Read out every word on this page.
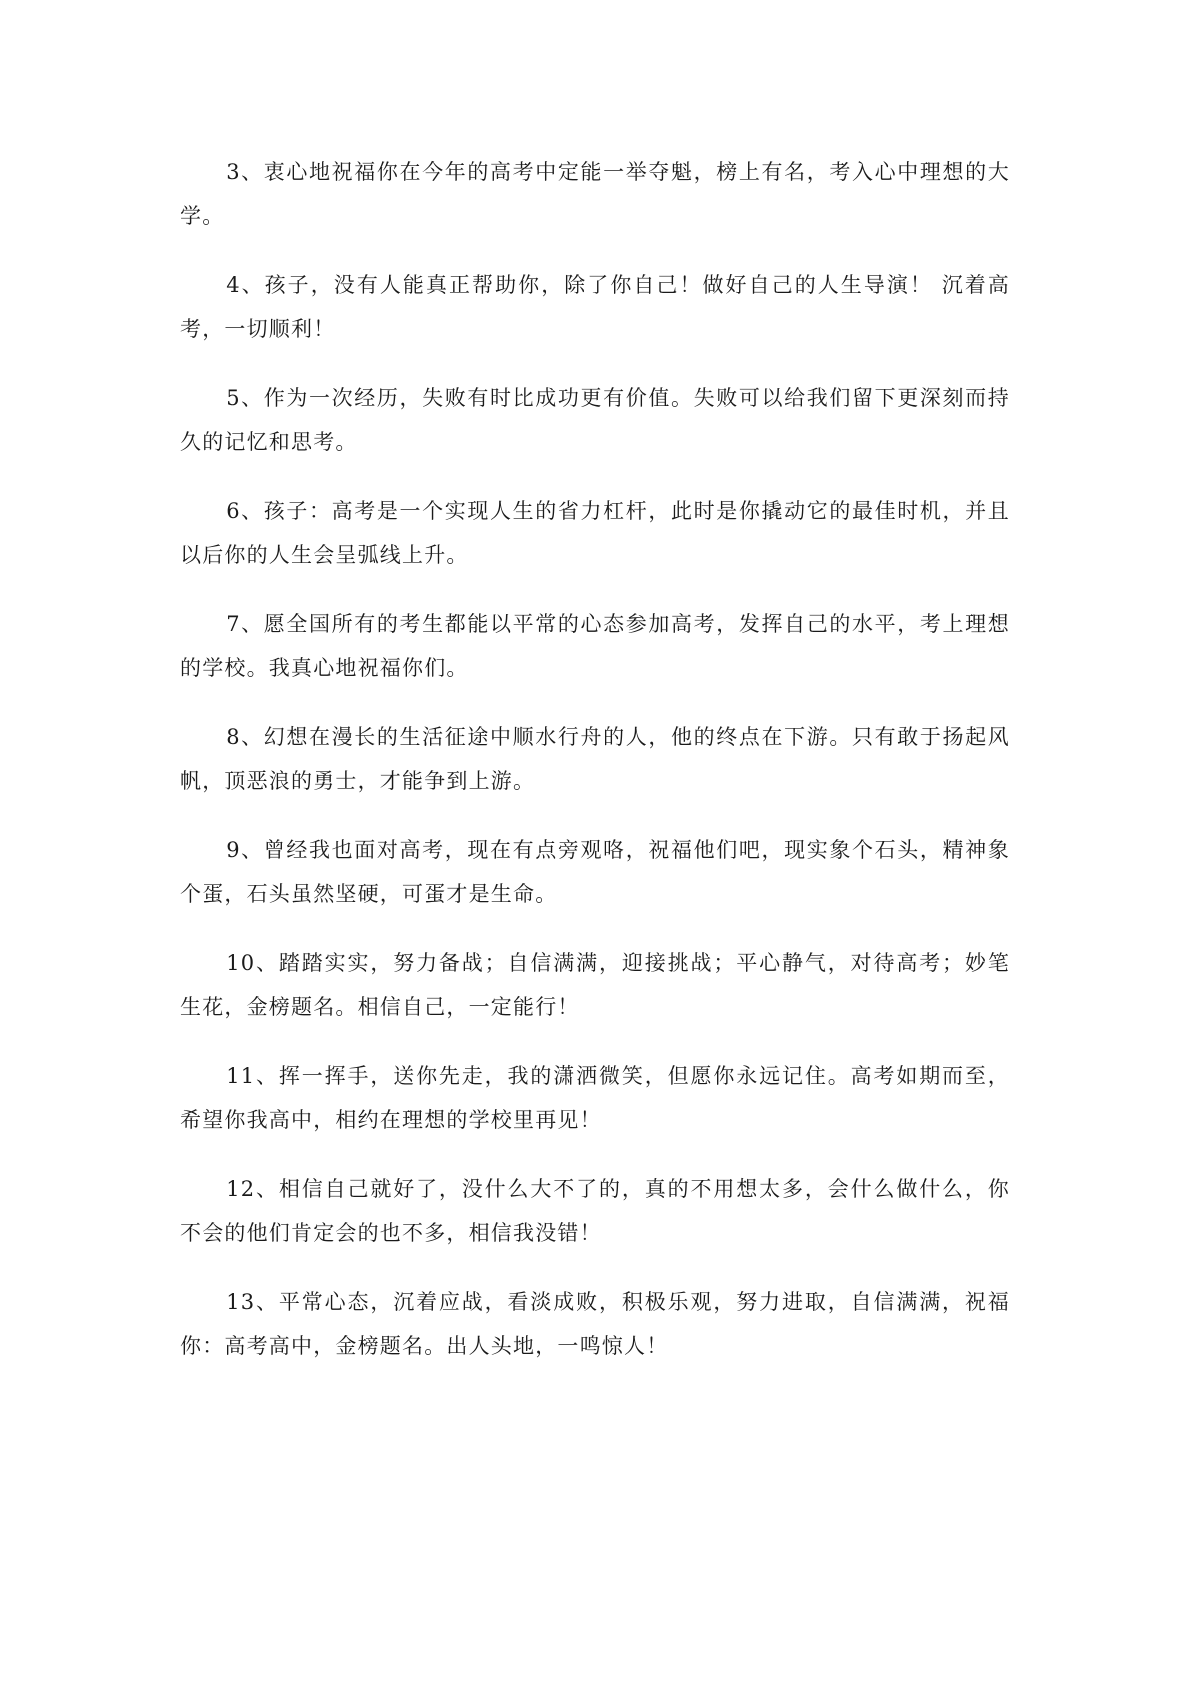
3、衷心地祝福你在今年的高考中定能一举夺魁，榜上有名，考入心中理想的大学。

4、孩子，没有人能真正帮助你，除了你自己！做好自己的人生导演！ 沉着高考，一切顺利！

5、作为一次经历，失败有时比成功更有价值。失败可以给我们留下更深刻而持久的记忆和思考。

6、孩子：高考是一个实现人生的省力杠杆，此时是你撬动它的最佳时机，并且以后你的人生会呈弧线上升。

7、愿全国所有的考生都能以平常的心态参加高考，发挥自己的水平，考上理想的学校。我真心地祝福你们。

8、幻想在漫长的生活征途中顺水行舟的人，他的终点在下游。只有敢于扬起风帆，顶恶浪的勇士，才能争到上游。

9、曾经我也面对高考，现在有点旁观咯，祝福他们吧，现实象个石头，精神象个蛋，石头虽然坚硬，可蛋才是生命。

10、踏踏实实，努力备战；自信满满，迎接挑战；平心静气，对待高考；妙笔生花，金榜题名。相信自己，一定能行！

11、挥一挥手，送你先走，我的潇洒微笑，但愿你永远记住。高考如期而至，希望你我高中，相约在理想的学校里再见！

12、相信自己就好了，没什么大不了的，真的不用想太多，会什么做什么，你不会的他们肯定会的也不多，相信我没错！

13、平常心态，沉着应战，看淡成败，积极乐观，努力进取，自信满满，祝福你：高考高中，金榜题名。出人头地，一鸣惊人！
